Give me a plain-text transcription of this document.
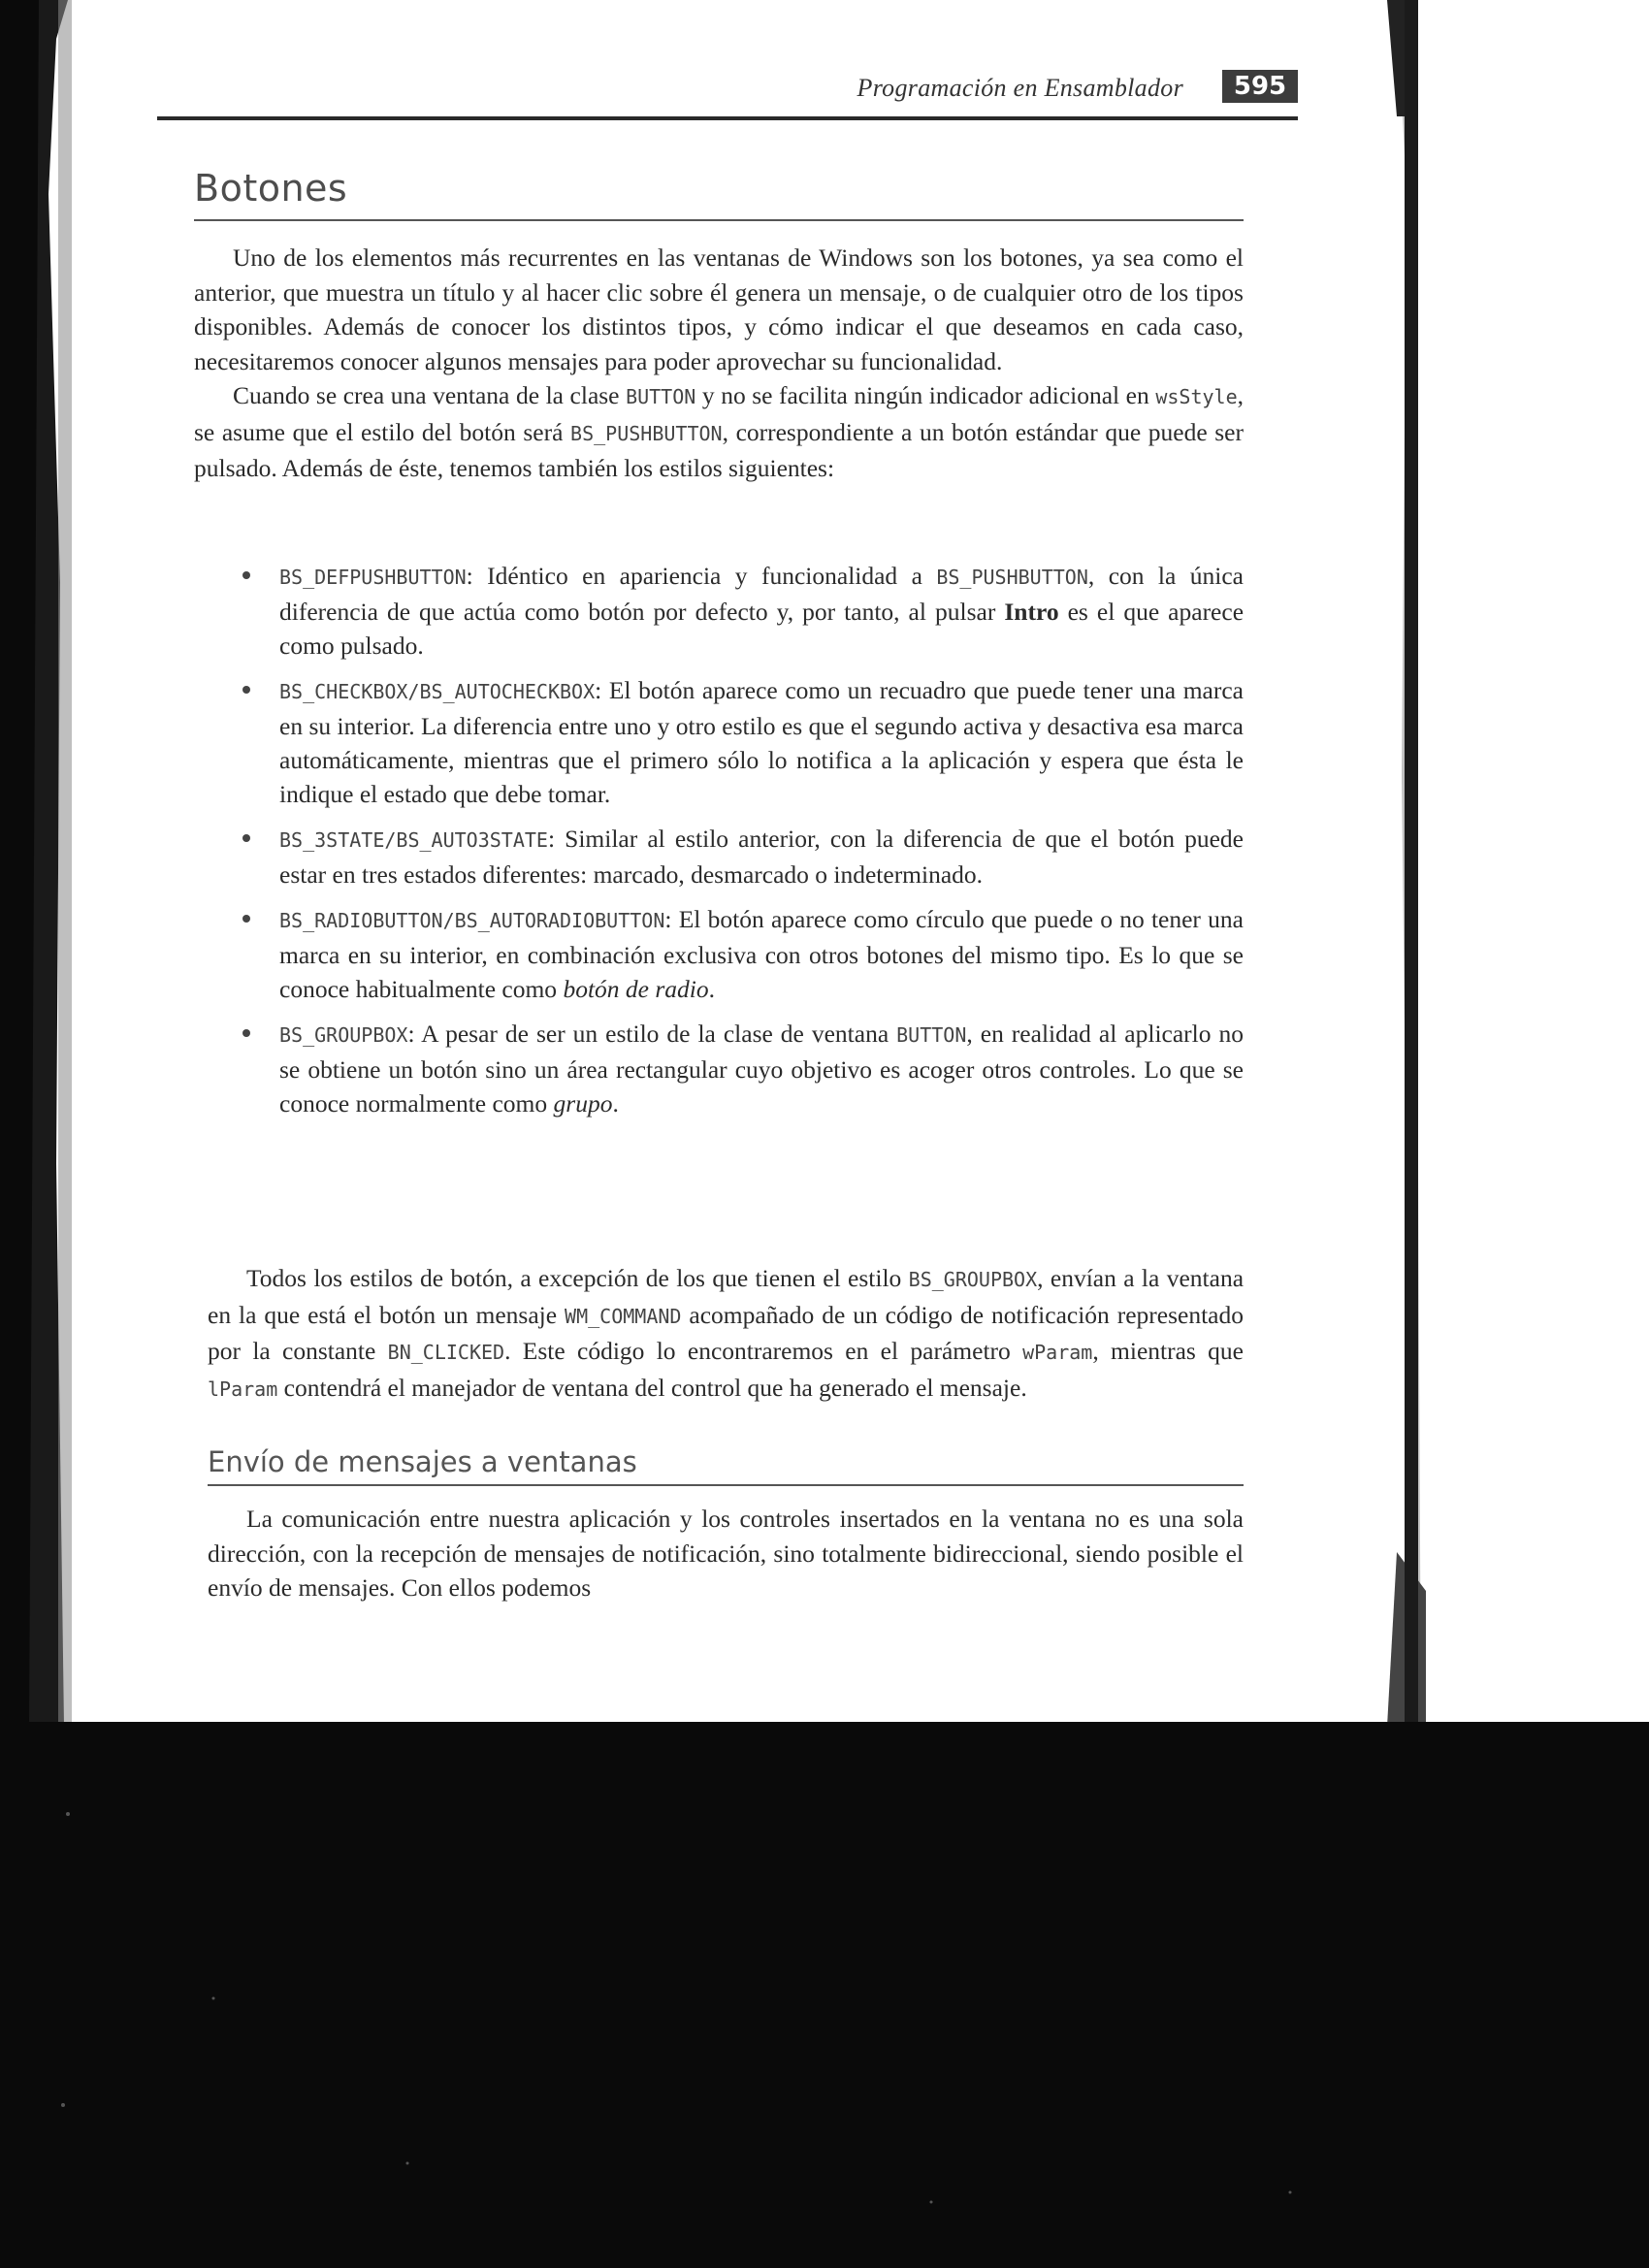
Programación en Ensamblador	595
Botones

Uno de los elementos más recurrentes en las ventanas de Windows son los botones, ya sea como el anterior, que muestra un título y al hacer clic sobre él genera un mensaje, o de cualquier otro de los tipos disponibles. Además de conocer los distintos tipos, y cómo indicar el que deseamos en cada caso, necesitaremos conocer algunos mensajes para poder aprovechar su funcionalidad.

Cuando se crea una ventana de la clase BUTTON y no se facilita ningún indicador adicional en wsStyle, se asume que el estilo del botón será BS_PUSHBUTTON, correspondiente a un botón estándar que puede ser pulsado. Además de éste, tenemos también los estilos siguientes:

BS_DEFPUSHBUTTON: Idéntico en apariencia y funcionalidad a BS_PUSHBUTTON, con la única diferencia de que actúa como botón por defecto y, por tanto, al pulsar Intro es el que aparece como pulsado.
BS_CHECKBOX/BS_AUTOCHECKBOX: El botón aparece como un recuadro que puede tener una marca en su interior. La diferencia entre uno y otro estilo es que el segundo activa y desactiva esa marca automáticamente, mientras que el primero sólo lo notifica a la aplicación y espera que ésta le indique el estado que debe tomar.
BS_3STATE/BS_AUTO3STATE: Similar al estilo anterior, con la diferencia de que el botón puede estar en tres estados diferentes: marcado, desmarcado o indeterminado.
BS_RADIOBUTTON/BS_AUTORADIOBUTTON: El botón aparece como círculo que puede o no tener una marca en su interior, en combinación exclusiva con otros botones del mismo tipo. Es lo que se conoce habitualmente como botón de radio.
BS_GROUPBOX: A pesar de ser un estilo de la clase de ventana BUTTON, en realidad al aplicarlo no se obtiene un botón sino un área rectangular cuyo objetivo es acoger otros controles. Lo que se conoce normalmente como grupo.

Todos los estilos de botón, a excepción de los que tienen el estilo BS_GROUPBOX, envían a la ventana en la que está el botón un mensaje WM_COMMAND acompañado de un código de notificación representado por la constante BN_CLICKED. Este código lo encontraremos en el parámetro wParam, mientras que lParam contendrá el manejador de ventana del control que ha generado el mensaje.

Envío de mensajes a ventanas

La comunicación entre nuestra aplicación y los controles insertados en la ventana no es una sola dirección, con la recepción de mensajes de notificación, sino totalmente bidireccional, siendo posible el envío de mensajes. Con ellos podemos
